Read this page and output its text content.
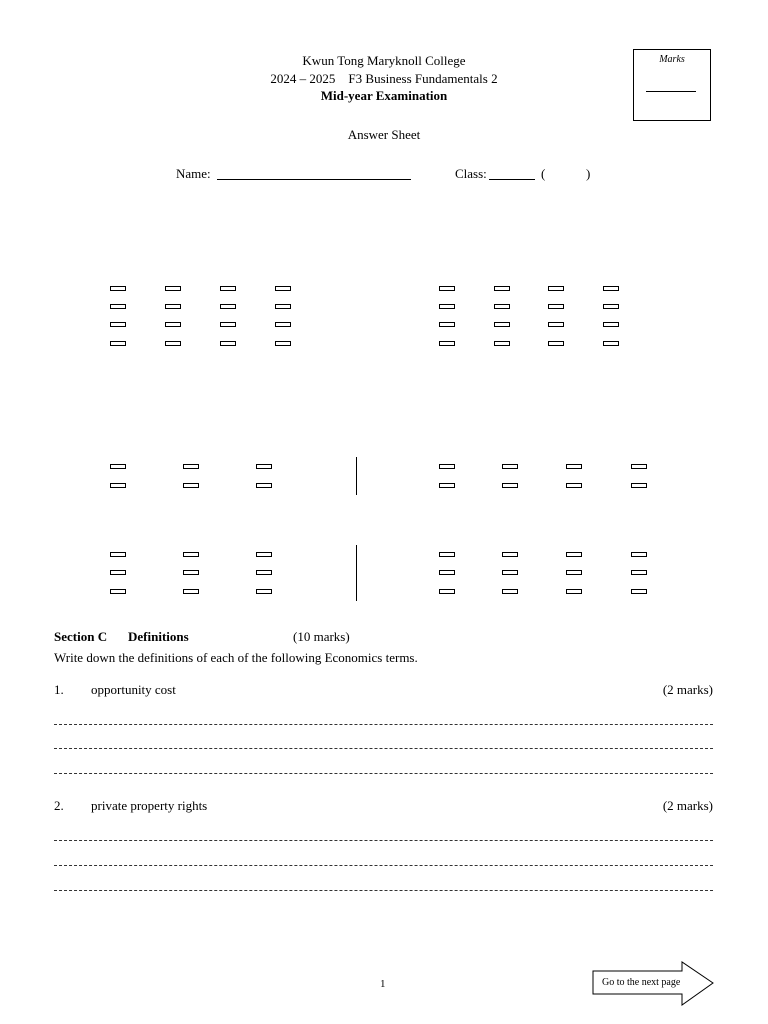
Kwun Tong Maryknoll College
2024 – 2025    F3 Business Fundamentals 2
Mid-year Examination
Answer Sheet
Marks
Name:	Class:	(	)
Section C Definitions	(10 marks)
Write down the definitions of each of the following Economics terms.
1. opportunity cost	(2 marks)
2. private property rights	(2 marks)
1	Go to the next page
